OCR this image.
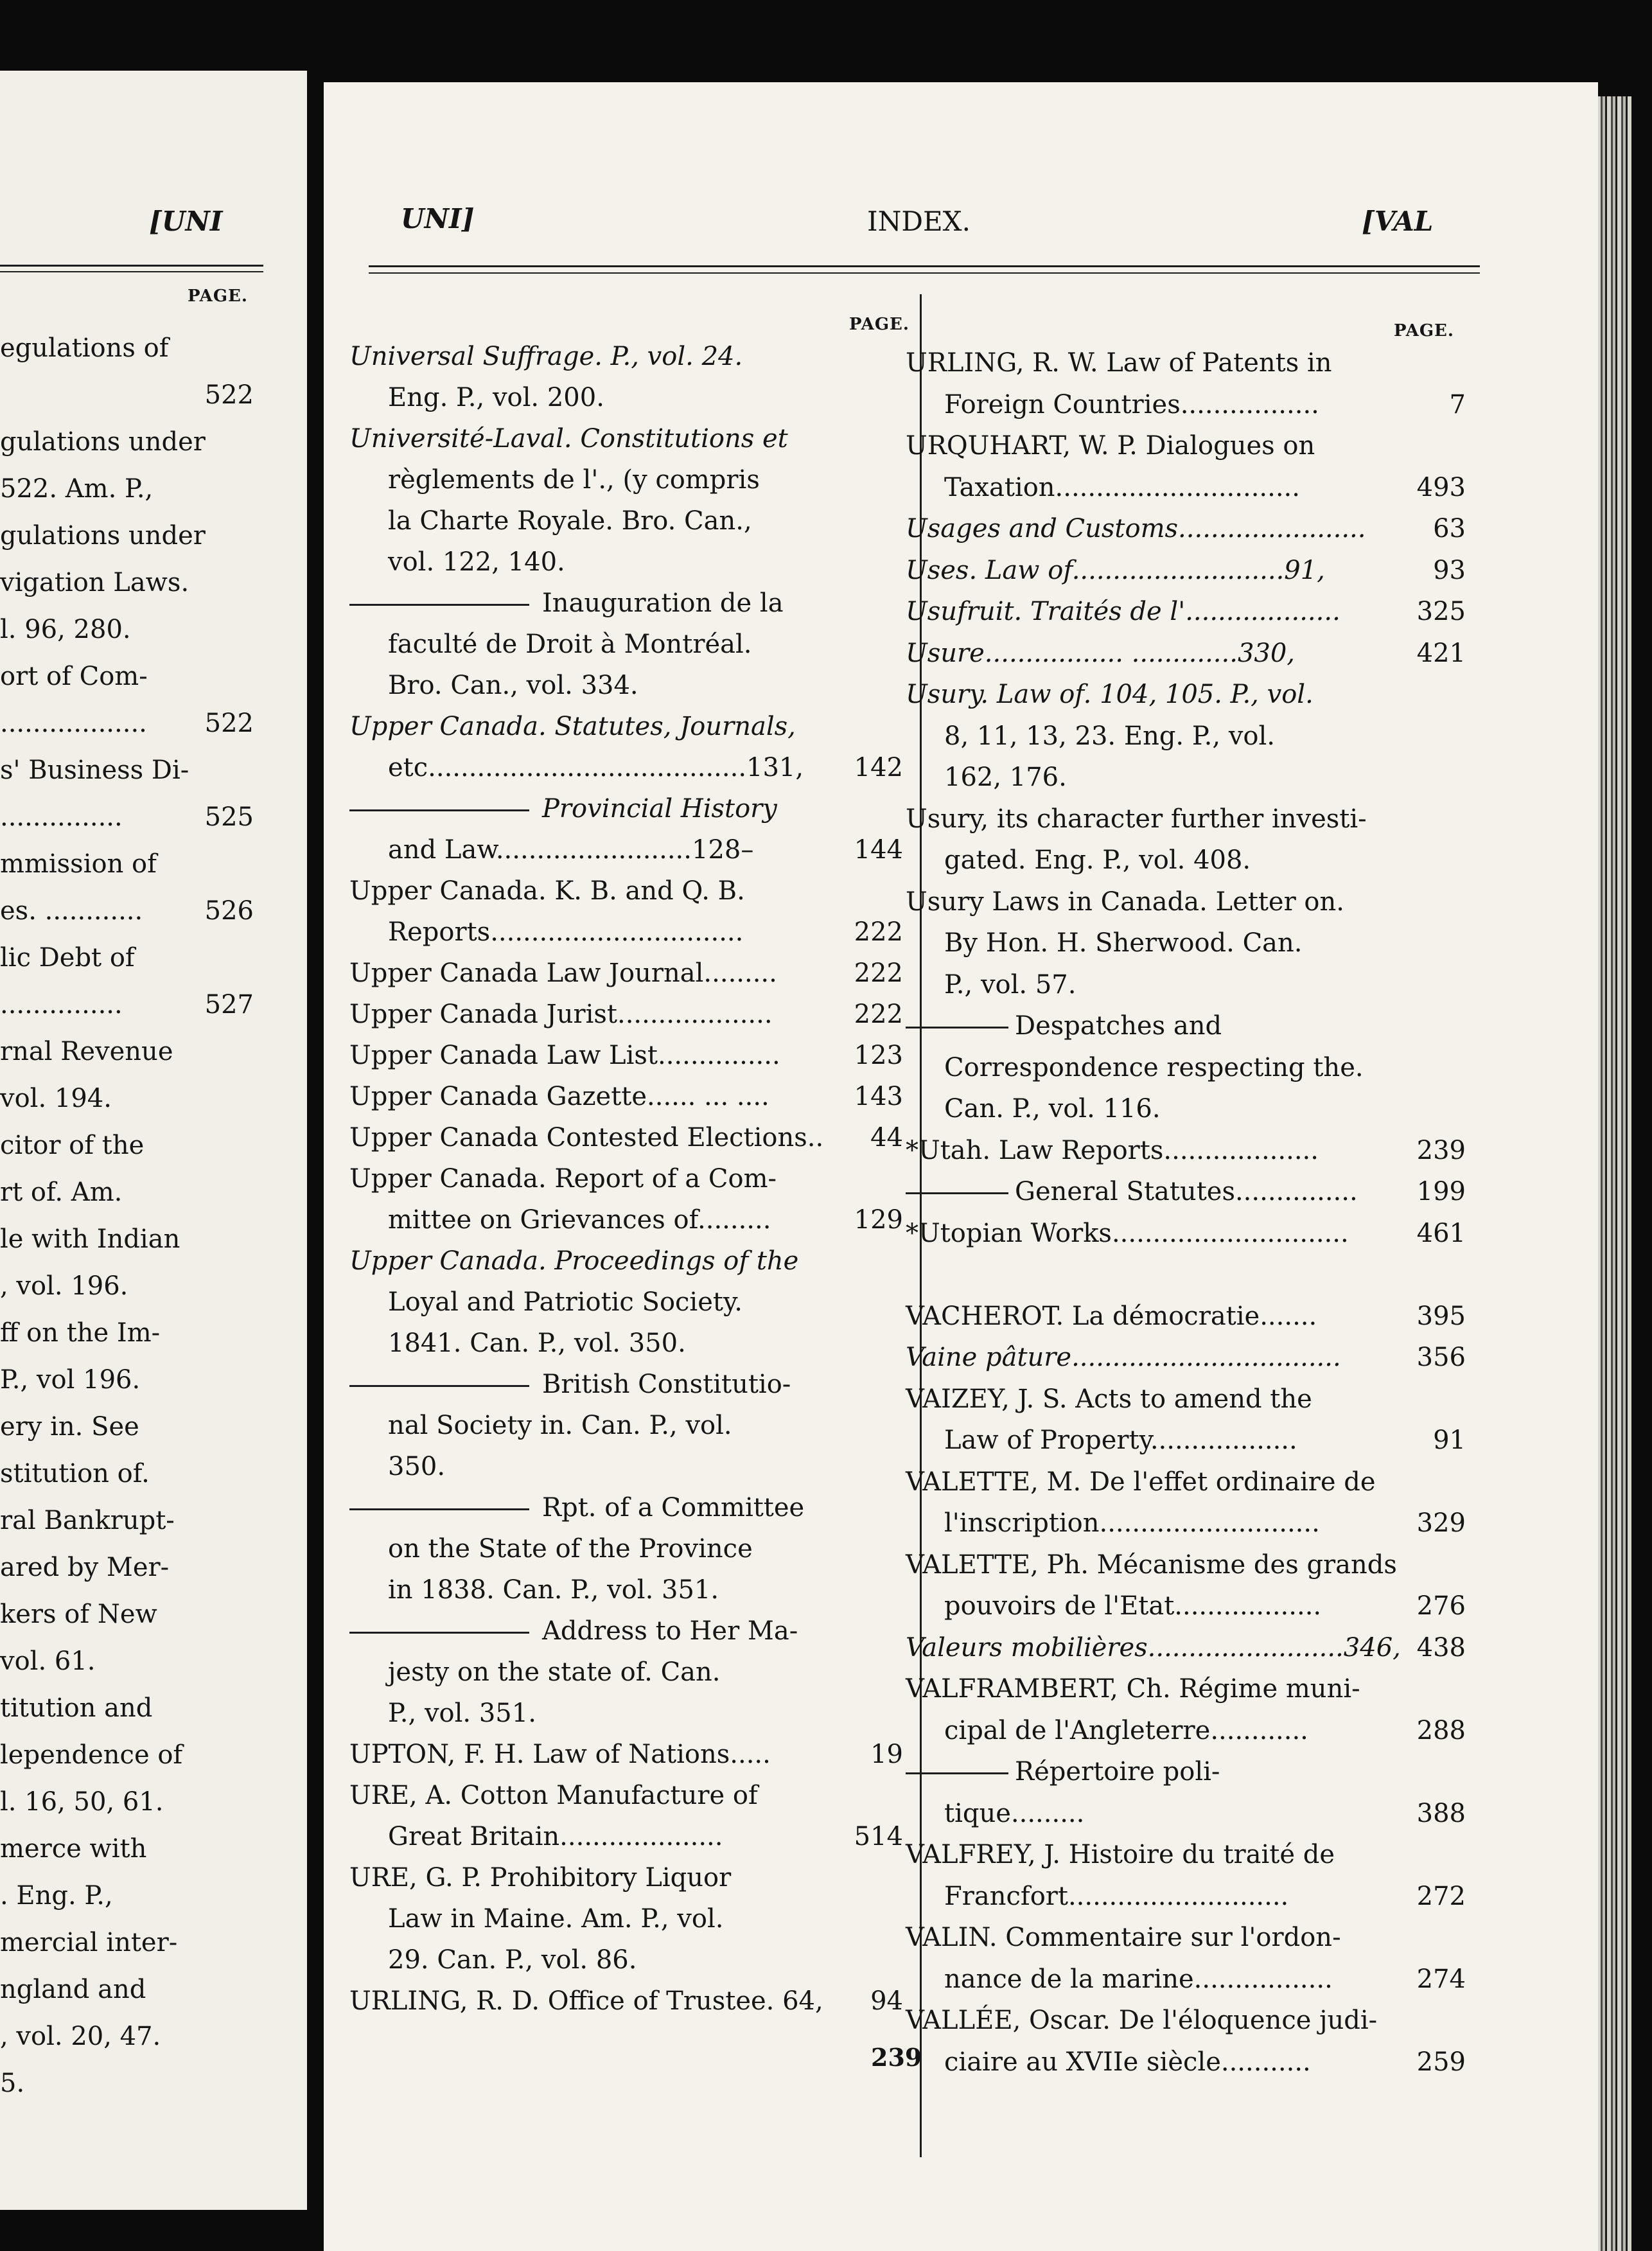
[UNI
PAGE.
egulations of
522
gulations under
522. Am. P.,
gulations under
vigation Laws.
l. 96, 280.
ort of Com-
.................. 522
s' Business Di-
...............	525
mmission of
es. ............ 526
lic Debt of
...............	527
rnal Revenue
vol. 194.
citor of the
rt of. Am.
le with Indian
, vol. 196.
ff on the Im-
P., vol 196.
ery in. See
stitution of.
ral Bankrupt-
ared by Mer-
kers of New
vol. 61.
titution and
lependence of
l. 16, 50, 61.
merce with
. Eng. P.,
mercial inter-
ngland and
, vol. 20, 47.
5.
UNI]	INDEX.	[VAL
PAGE.	PAGE.
Universal Suffrage. P., vol. 24.
Eng. P., vol. 200.
Université-Laval. Constitutions et
règlements de l'., (y compris
la Charte Royale. Bro. Can.,
vol. 122, 140.
Inauguration de la
faculté de Droit à Montréal.
Bro. Can., vol. 334.
Upper Canada. Statutes, Journals,
etc.......................................131, 142
Provincial History
and Law........................128–	144
Upper Canada. K. B. and Q. B.
Reports...............................	222
Upper Canada Law Journal.........	222
Upper Canada Jurist...................	222
Upper Canada Law List...............	123
Upper Canada Gazette...... ... ....	143
Upper Canada Contested Elections.. 44
Upper Canada. Report of a Com-
mittee on Grievances of.........	129
Upper Canada. Proceedings of the
Loyal and Patriotic Society.
1841. Can. P., vol. 350.
British Constitutio-
nal Society in. Can. P., vol.
350.
Rpt. of a Committee
on the State of the Province
in 1838. Can. P., vol. 351.
Address to Her Ma-
jesty on the state of. Can.
P., vol. 351.
UPTON, F. H. Law of Nations.....	19
URE, A. Cotton Manufacture of
Great Britain....................	514
URE, G. P. Prohibitory Liquor
Law in Maine. Am. P., vol.
29. Can. P., vol. 86.
URLING, R. D. Office of Trustee. 64, 94
URLING, R. W. Law of Patents in
Foreign Countries.................	7
URQUHART, W. P. Dialogues on
Taxation..............................	493
Usages and Customs.......................	63
Uses. Law of..........................91,	93
Usufruit. Traités de l'...................	325
Usure................. .............330,	421
Usury. Law of. 104, 105. P., vol.
8, 11, 13, 23. Eng. P., vol.
162, 176.
Usury, its character further investi-
gated. Eng. P., vol. 408.
Usury Laws in Canada. Letter on.
By Hon. H. Sherwood. Can.
P., vol. 57.
Despatches and
Correspondence respecting the.
Can. P., vol. 116.
*Utah. Law Reports...................	239
General Statutes............... 199
*Utopian Works.............................	461
VACHEROT. La démocratie.......	395
Vaine pâture.................................	356
VAIZEY, J. S. Acts to amend the
Law of Property..................	91
VALETTE, M. De l'effet ordinaire de
l'inscription...........................	329
VALETTE, Ph. Mécanisme des grands
pouvoirs de l'Etat..................	276
Valeurs mobilières........................346, 438
VALFRAMBERT, Ch. Régime muni-
cipal de l'Angleterre............	288
Répertoire poli-
tique.........	388
VALFREY, J. Histoire du traité de
Francfort...........................	272
VALIN. Commentaire sur l'ordon-
nance de la marine.................	274
VALLÉE, Oscar. De l'éloquence judi-
ciaire au XVIIe siècle...........	259
239
